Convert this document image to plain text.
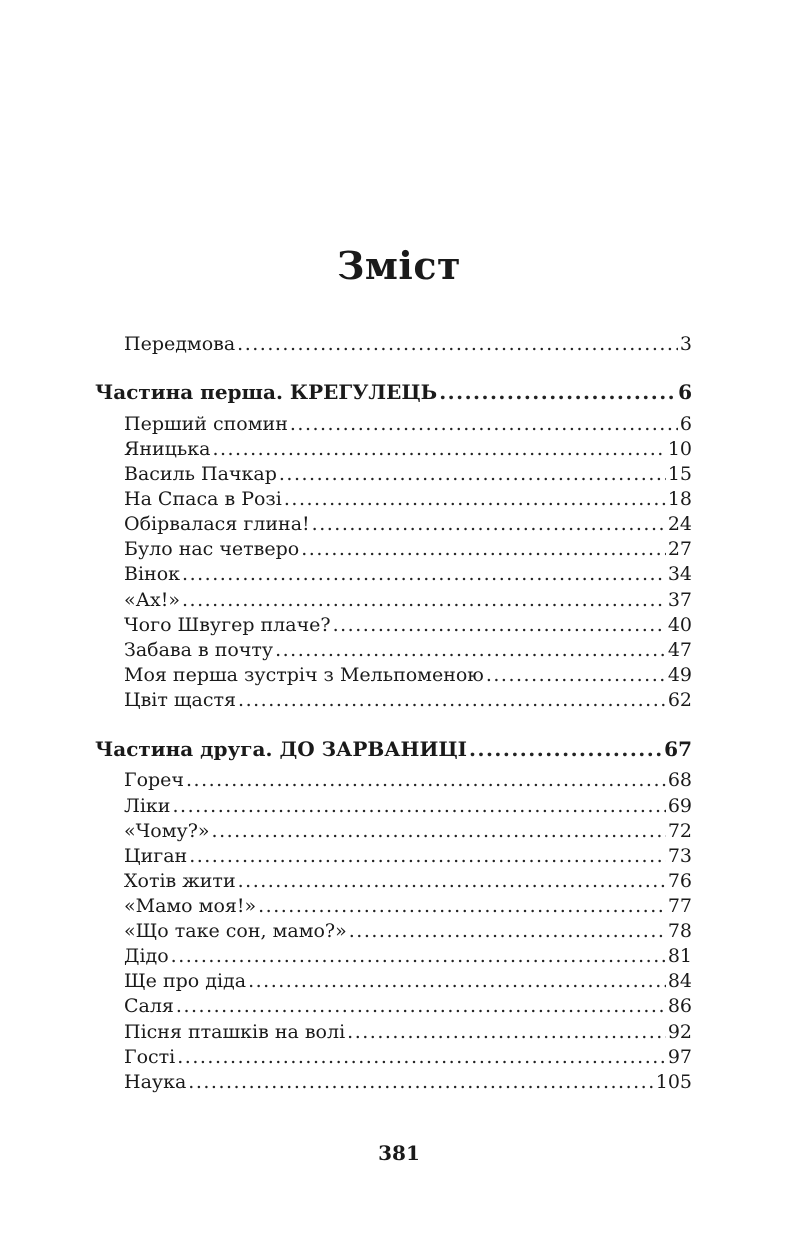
Зміст
Передмова .....	3
Частина перша. КРЕГУЛЕЦЬ .....	6
Перший спомин .....	6
Яницька .....	10
Василь Пачкар .....	15
На Спаса в Розі .....	18
Обірвалася глина! .....	24
Було нас четверо .....	27
Вінок .....	34
«Ах!» .....	37
Чого Швугер плаче? .....	40
Забава в почту .....	47
Моя перша зустріч з Мельпоменою .....	49
Цвіт щастя .....	62
Частина друга. ДО ЗАРВАНИЦІ .....	67
Гореч .....	68
Ліки .....	69
«Чому?» .....	72
Циган .....	73
Хотів жити .....	76
«Мамо моя!» .....	77
«Що таке сон, мамо?» .....	78
Дідо .....	81
Ще про діда .....	84
Саля .....	86
Пісня пташків на волі .....	92
Гості .....	97
Наука .....	105
381
